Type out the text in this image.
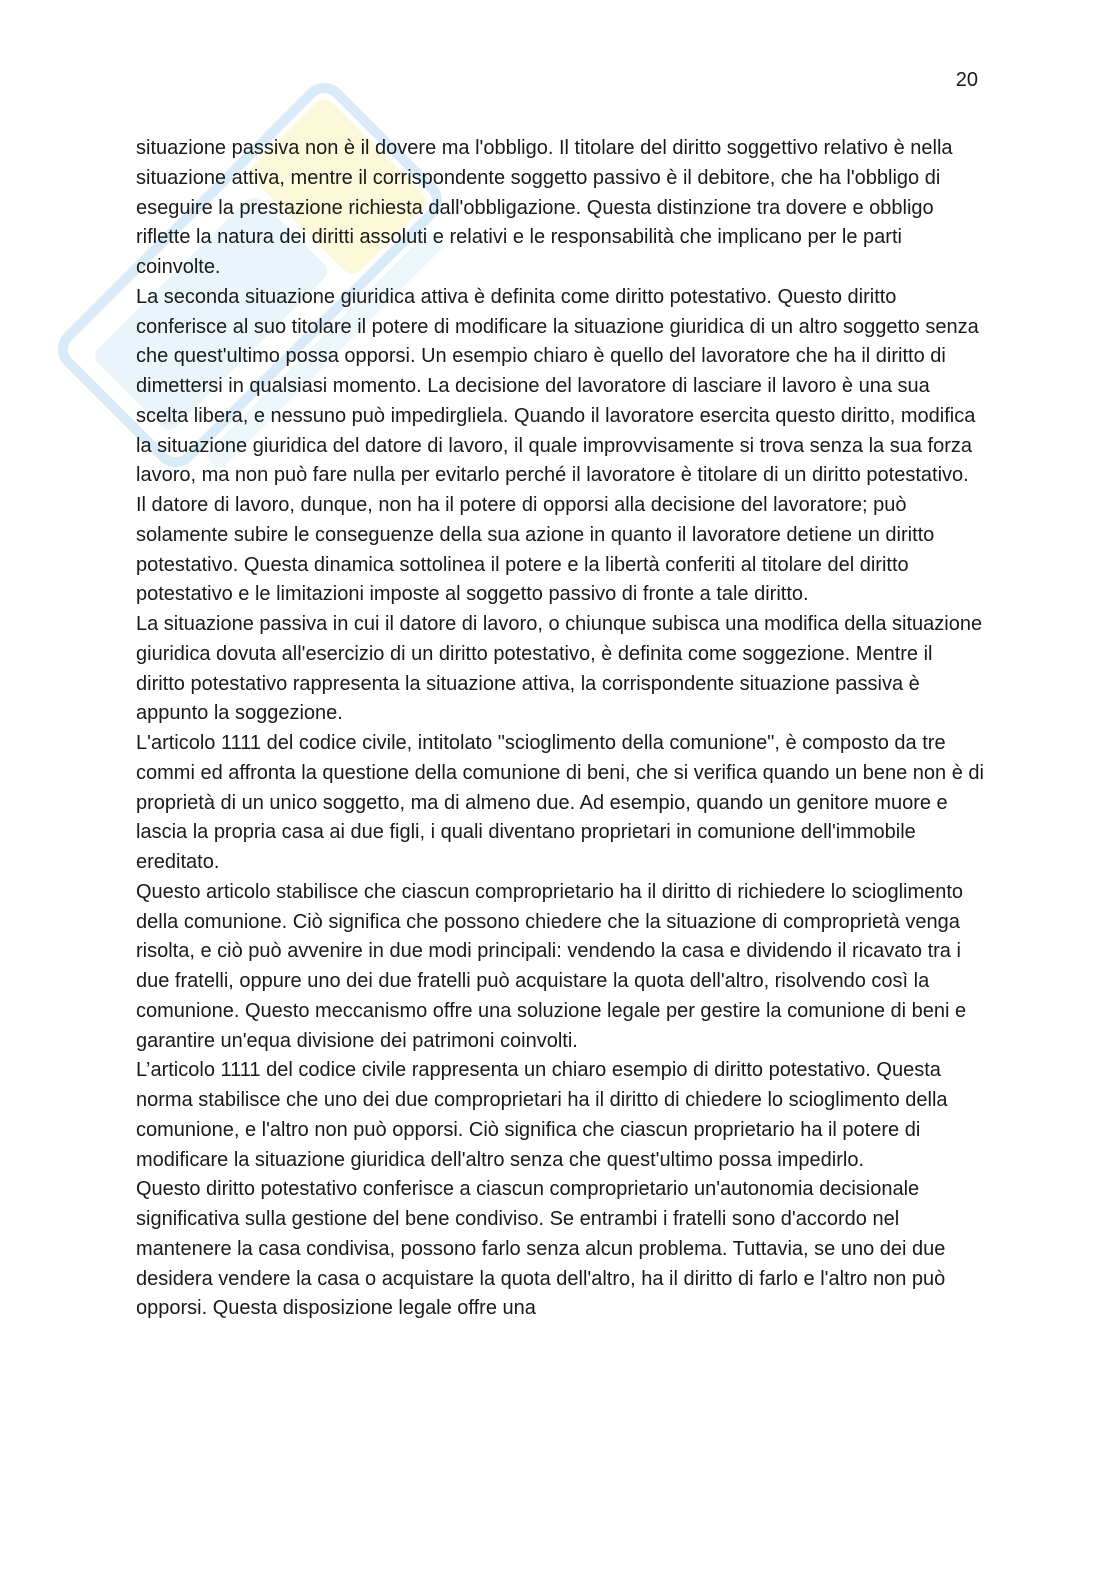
20

situazione passiva non è il dovere ma l'obbligo. Il titolare del diritto soggettivo relativo è nella situazione attiva, mentre il corrispondente soggetto passivo è il debitore, che ha l'obbligo di eseguire la prestazione richiesta dall'obbligazione. Questa distinzione tra dovere e obbligo riflette la natura dei diritti assoluti e relativi e le responsabilità che implicano per le parti coinvolte.

La seconda situazione giuridica attiva è definita come diritto potestativo. Questo diritto conferisce al suo titolare il potere di modificare la situazione giuridica di un altro soggetto senza che quest'ultimo possa opporsi. Un esempio chiaro è quello del lavoratore che ha il diritto di dimettersi in qualsiasi momento. La decisione del lavoratore di lasciare il lavoro è una sua scelta libera, e nessuno può impedirgliela. Quando il lavoratore esercita questo diritto, modifica la situazione giuridica del datore di lavoro, il quale improvvisamente si trova senza la sua forza lavoro, ma non può fare nulla per evitarlo perché il lavoratore è titolare di un diritto potestativo.

Il datore di lavoro, dunque, non ha il potere di opporsi alla decisione del lavoratore; può solamente subire le conseguenze della sua azione in quanto il lavoratore detiene un diritto potestativo. Questa dinamica sottolinea il potere e la libertà conferiti al titolare del diritto potestativo e le limitazioni imposte al soggetto passivo di fronte a tale diritto.

La situazione passiva in cui il datore di lavoro, o chiunque subisca una modifica della situazione giuridica dovuta all'esercizio di un diritto potestativo, è definita come soggezione. Mentre il diritto potestativo rappresenta la situazione attiva, la corrispondente situazione passiva è appunto la soggezione.

L'articolo 1111 del codice civile, intitolato "scioglimento della comunione", è composto da tre commi ed affronta la questione della comunione di beni, che si verifica quando un bene non è di proprietà di un unico soggetto, ma di almeno due. Ad esempio, quando un genitore muore e lascia la propria casa ai due figli, i quali diventano proprietari in comunione dell'immobile ereditato.

Questo articolo stabilisce che ciascun comproprietario ha il diritto di richiedere lo scioglimento della comunione. Ciò significa che possono chiedere che la situazione di comproprietà venga risolta, e ciò può avvenire in due modi principali: vendendo la casa e dividendo il ricavato tra i due fratelli, oppure uno dei due fratelli può acquistare la quota dell'altro, risolvendo così la comunione. Questo meccanismo offre una soluzione legale per gestire la comunione di beni e garantire un'equa divisione dei patrimoni coinvolti.

L’articolo 1111 del codice civile rappresenta un chiaro esempio di diritto potestativo. Questa norma stabilisce che uno dei due comproprietari ha il diritto di chiedere lo scioglimento della comunione, e l'altro non può opporsi. Ciò significa che ciascun proprietario ha il potere di modificare la situazione giuridica dell'altro senza che quest'ultimo possa impedirlo.

Questo diritto potestativo conferisce a ciascun comproprietario un'autonomia decisionale significativa sulla gestione del bene condiviso. Se entrambi i fratelli sono d'accordo nel mantenere la casa condivisa, possono farlo senza alcun problema. Tuttavia, se uno dei due desidera vendere la casa o acquistare la quota dell'altro, ha il diritto di farlo e l'altro non può opporsi. Questa disposizione legale offre una
